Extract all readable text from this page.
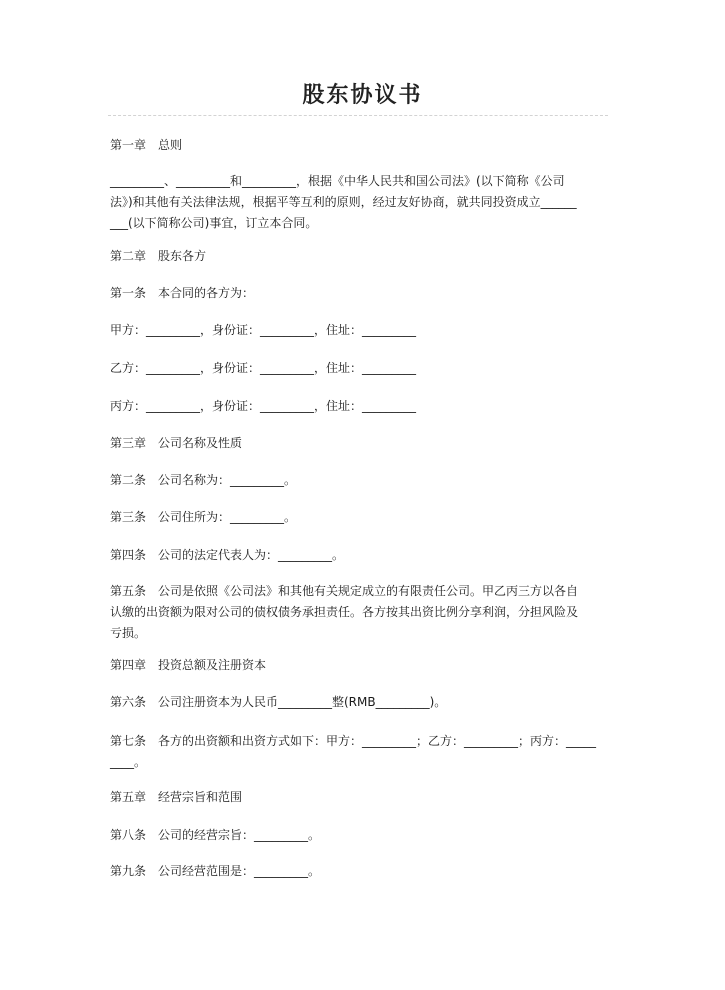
股东协议书
第一章　总则
_________、_________和_________，根据《中华人民共和国公司法》(以下简称《公司
法》)和其他有关法律法规，根据平等互利的原则，经过友好协商，就共同投资成立______
___(以下简称公司)事宜，订立本合同。
第二章　股东各方
第一条　本合同的各方为：
甲方：_________，身份证：_________，住址：_________
乙方：_________，身份证：_________，住址：_________
丙方：_________，身份证：_________，住址：_________
第三章　公司名称及性质
第二条　公司名称为：_________。
第三条　公司住所为：_________。
第四条　公司的法定代表人为：_________。
第五条　公司是依照《公司法》和其他有关规定成立的有限责任公司。甲乙丙三方以各自
认缴的出资额为限对公司的债权债务承担责任。各方按其出资比例分享利润，分担风险及
亏损。
第四章　投资总额及注册资本
第六条　公司注册资本为人民币_________整(RMB_________)。
第七条　各方的出资额和出资方式如下：甲方：_________；乙方：_________；丙方：_____
____。
第五章　经营宗旨和范围
第八条　公司的经营宗旨：_________。
第九条　公司经营范围是：_________。
